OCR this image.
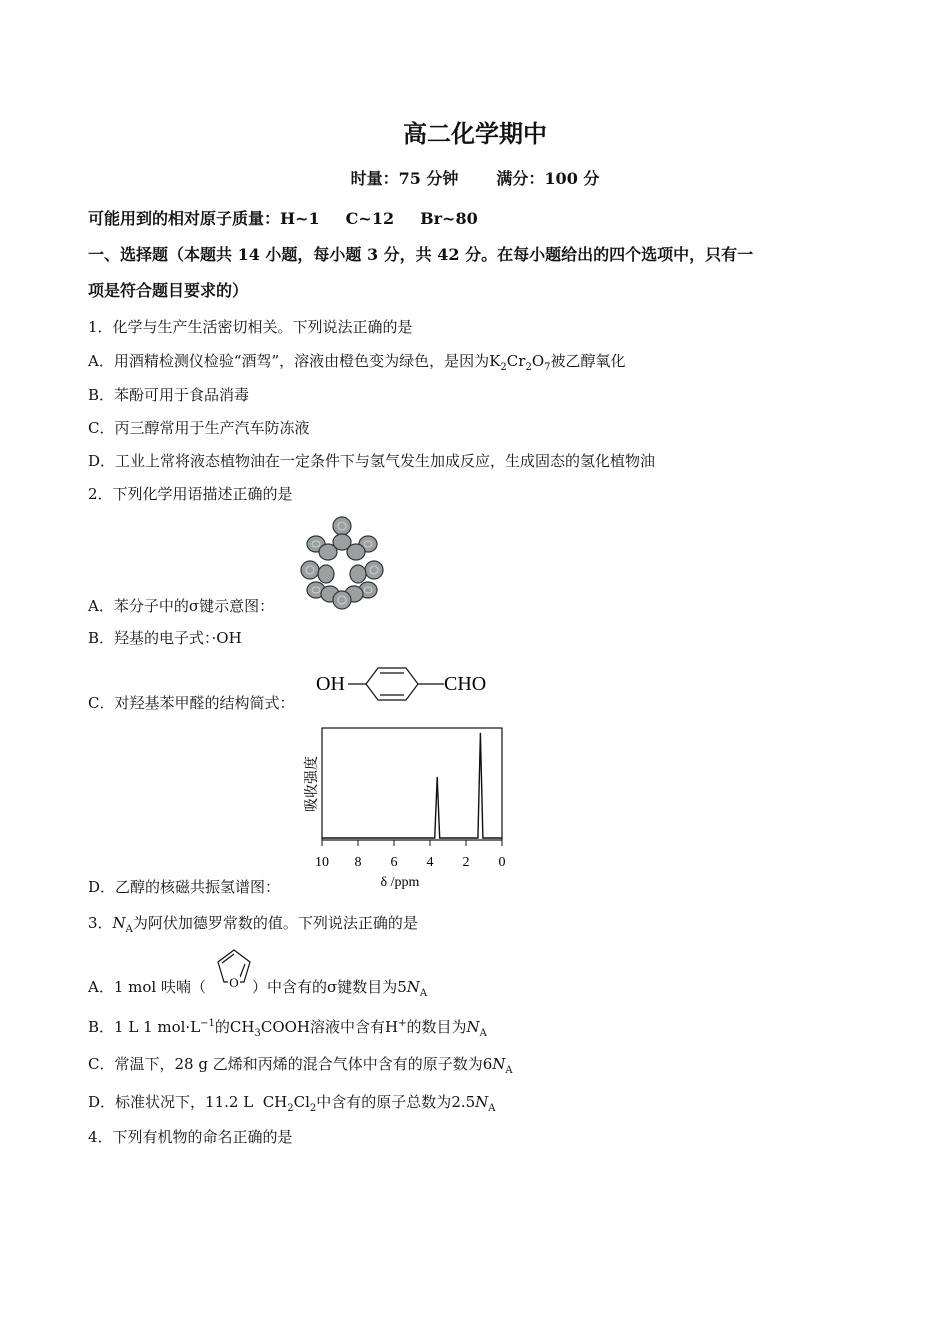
高二化学期中
时量：75 分钟 满分：100 分
可能用到的相对原子质量：H~1 C~12 Br~80
一、选择题（本题共 14 小题，每小题 3 分，共 42 分。在每小题给出的四个选项中，只有一
项是符合题目要求的）
1．化学与生产生活密切相关。下列说法正确的是
A．用酒精检测仪检验“酒驾”，溶液由橙色变为绿色，是因为$K_2Cr_2O_7$被乙醇氧化
B．苯酚可用于食品消毒
C．丙三醇常用于生产汽车防冻液
D．工业上常将液态植物油在一定条件下与氢气发生加成反应，生成固态的氢化植物油
2．下列化学用语描述正确的是
A．苯分子中的σ键示意图：
B．羟基的电子式：·OH
OH	CHO
C．对羟基苯甲醛的结构简式：
吸收强度
10 8 6 4 2 0
δ /ppm
D．乙醇的核磁共振氢谱图：
3．$N_A$为阿伏加德罗常数的值。下列说法正确的是
O
A．1 mol 呋喃（	）中含有的σ键数目为$5N_A$
B．1 L 1 $mol\cdot L^{-1}$的$CH_3COOH$溶液中含有H+的数目为$N_A$
C．常温下，28 g 乙烯和丙烯的混合气体中含有的原子数为$6N_A$
D．标准状况下，11.2 L $CH_2Cl_2$中含有的原子总数为$2.5N_A$
4．下列有机物的命名正确的是
